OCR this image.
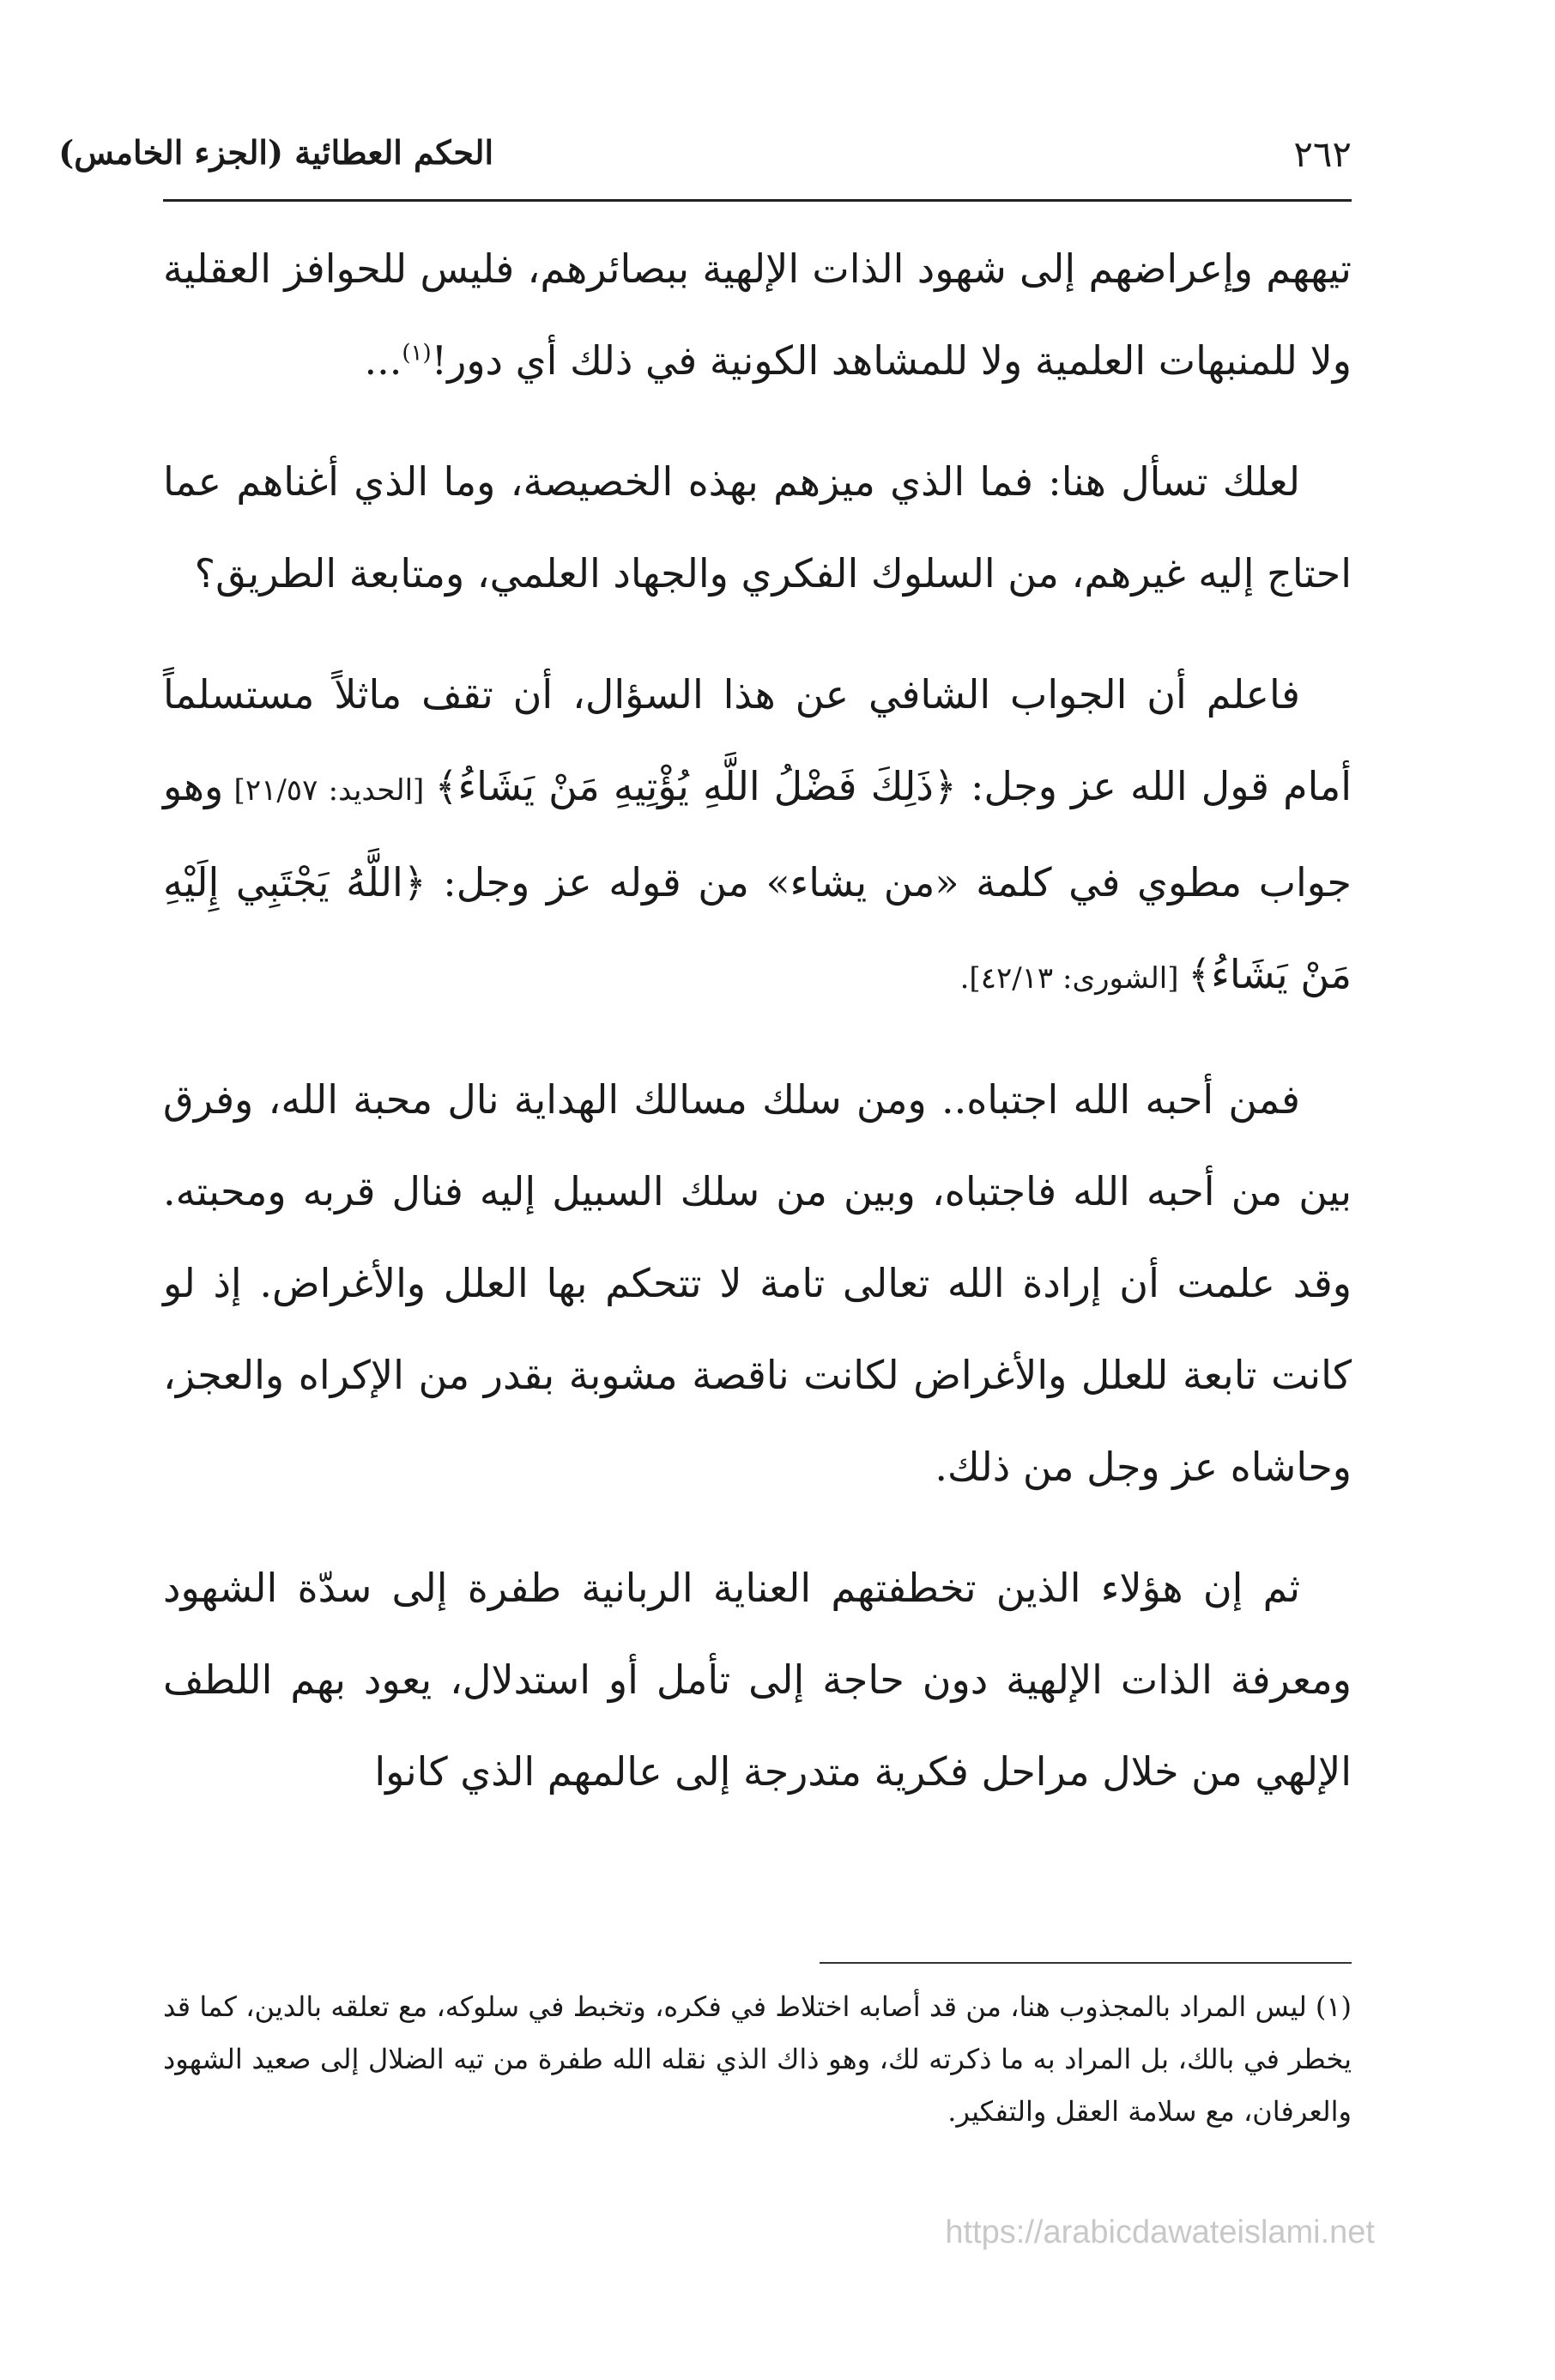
٢٦٢
الحكم العطائية (الجزء الخامس)

تيههم وإعراضهم إلى شهود الذات الإلهية ببصائرهم، فليس للحوافز العقلية ولا للمنبهات العلمية ولا للمشاهد الكونية في ذلك أي دور!$^{(١)}$...

لعلك تسأل هنا: فما الذي ميزهم بهذه الخصيصة، وما الذي أغناهم عما احتاج إليه غيرهم، من السلوك الفكري والجهاد العلمي، ومتابعة الطريق؟

فاعلم أن الجواب الشافي عن هذا السؤال، أن تقف ماثلاً مستسلماً أمام قول الله عز وجل: ﴿ذَلِكَ فَضْلُ اللَّهِ يُؤْتِيهِ مَنْ يَشَاءُ﴾ [الحديد: ٢١/٥٧] وهو جواب مطوي في كلمة «من يشاء» من قوله عز وجل: ﴿اللَّهُ يَجْتَبِي إِلَيْهِ مَنْ يَشَاءُ﴾ [الشورى: ٤٢/١٣].

فمن أحبه الله اجتباه.. ومن سلك مسالك الهداية نال محبة الله، وفرق بين من أحبه الله فاجتباه، وبين من سلك السبيل إليه فنال قربه ومحبته. وقد علمت أن إرادة الله تعالى تامة لا تتحكم بها العلل والأغراض. إذ لو كانت تابعة للعلل والأغراض لكانت ناقصة مشوبة بقدر من الإكراه والعجز، وحاشاه عز وجل من ذلك.

ثم إن هؤلاء الذين تخطفتهم العناية الربانية طفرة إلى سدّة الشهود ومعرفة الذات الإلهية دون حاجة إلى تأمل أو استدلال، يعود بهم اللطف الإلهي من خلال مراحل فكرية متدرجة إلى عالمهم الذي كانوا

(١)ليس المراد بالمجذوب هنا، من قد أصابه اختلاط في فكره، وتخبط في سلوكه، مع تعلقه بالدين، كما قد يخطر في بالك، بل المراد به ما ذكرته لك، وهو ذاك الذي نقله الله طفرة من تيه الضلال إلى صعيد الشهود والعرفان، مع سلامة العقل والتفكير.
https://arabicdawateislami.net
